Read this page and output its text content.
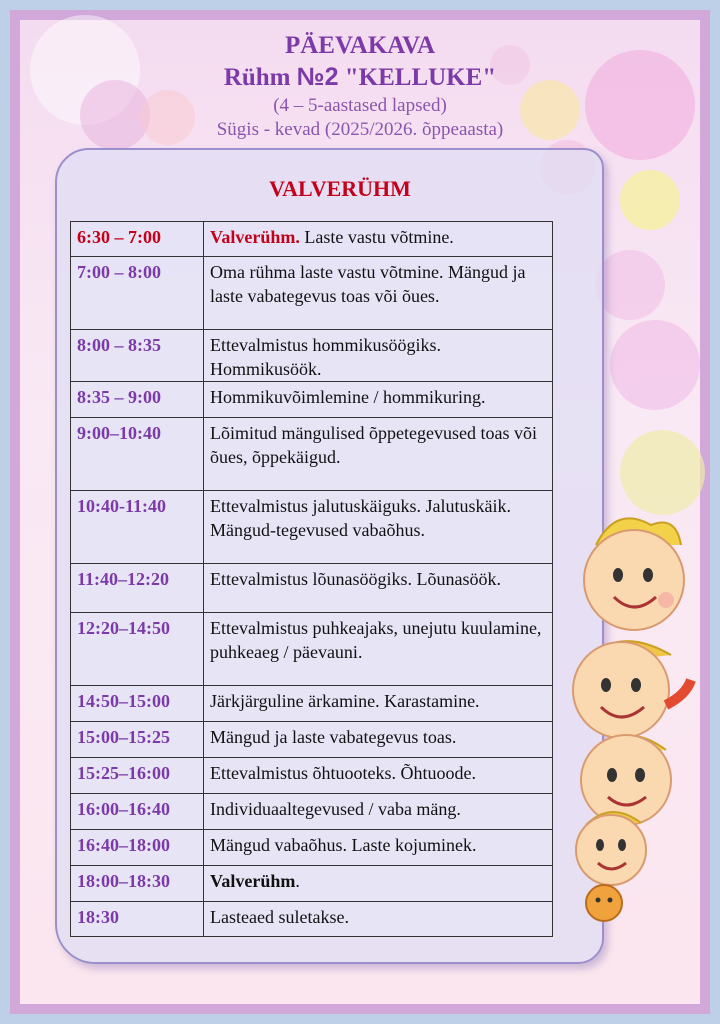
PÄEVAKAVA
Rühm №2 "KELLUKE"
(4 – 5-aastased lapsed)
Sügis - kevad (2025/2026. õppeaasta)
VALVERÜHM
6:30 – 7:00	Valverühm. Laste vastu võtmine.
7:00 – 8:00	Oma rühma laste vastu võtmine. Mängud ja laste vabategevus toas või õues.
8:00 – 8:35	Ettevalmistus hommikusöögiks. Hommikusöök.
8:35 – 9:00	Hommikuvõimlemine / hommikuring.
9:00–10:40	Lõimitud mängulised õppetegevused toas või õues, õppekäigud.
10:40-11:40	Ettevalmistus jalutuskäiguks. Jalutuskäik. Mängud-tegevused vabaõhus.
11:40–12:20	Ettevalmistus lõunasöögiks. Lõunasöök.
12:20–14:50	Ettevalmistus puhkeajaks, unejutu kuulamine, puhkeaeg / päevauni.
14:50–15:00	Järkjärguline ärkamine. Karastamine.
15:00–15:25	Mängud ja laste vabategevus toas.
15:25–16:00	Ettevalmistus õhtuooteks. Õhtuoode.
16:00–16:40	Individuaaltegevused / vaba mäng.
16:40–18:00	Mängud vabaõhus. Laste kojuminek.
18:00–18:30	Valverühm.
18:30	Lasteaed suletakse.
